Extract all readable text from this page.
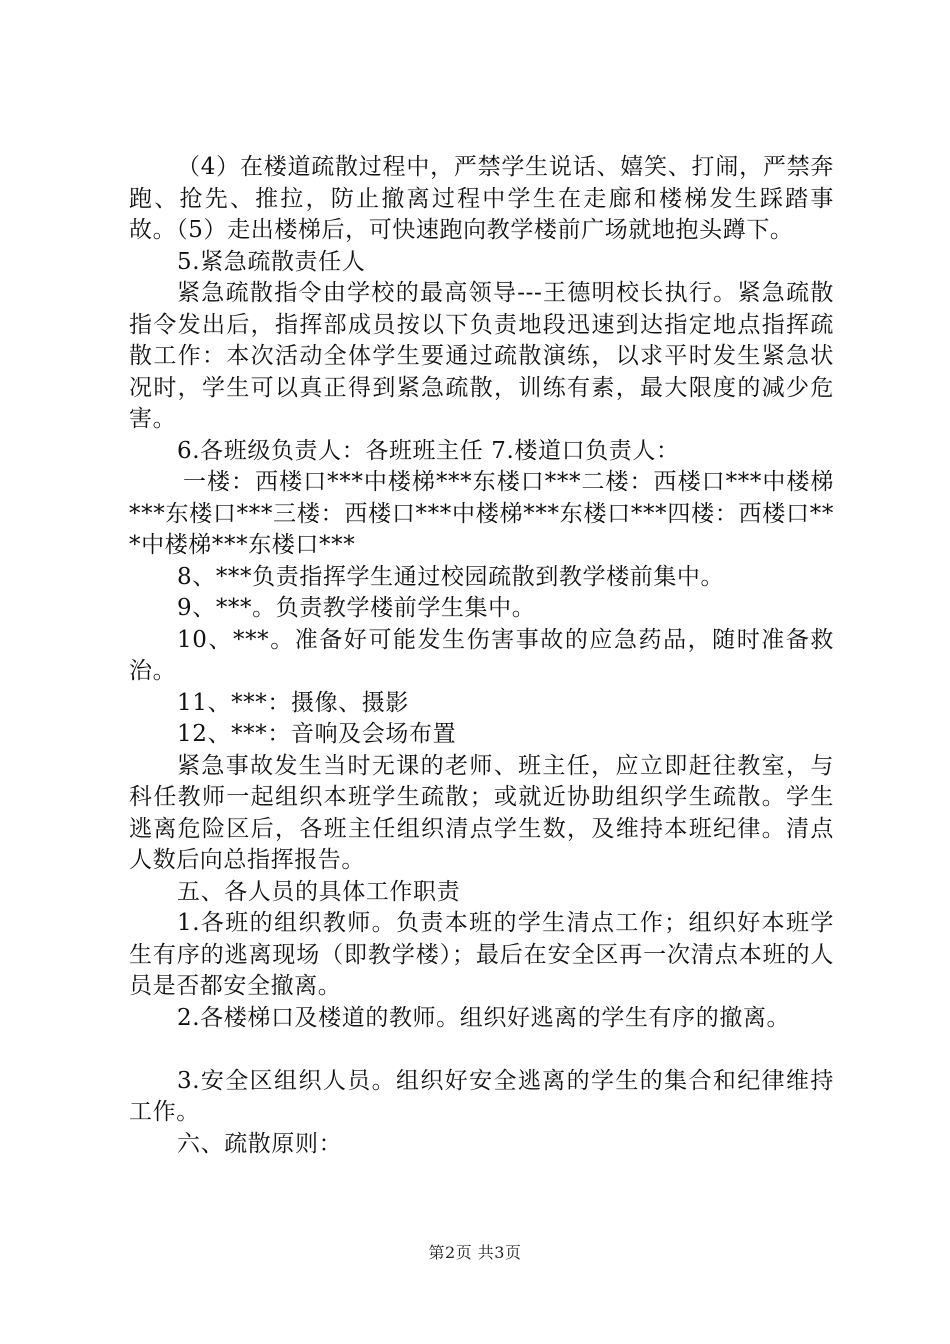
（4）在楼道疏散过程中，严禁学生说话、嬉笑、打闹，严禁奔跑、抢先、推拉，防止撤离过程中学生在走廊和楼梯发生踩踏事故。（5）走出楼梯后，可快速跑向教学楼前广场就地抱头蹲下。

5.紧急疏散责任人

紧急疏散指令由学校的最高领导---王德明校长执行。紧急疏散指令发出后，指挥部成员按以下负责地段迅速到达指定地点指挥疏散工作：本次活动全体学生要通过疏散演练，以求平时发生紧急状况时，学生可以真正得到紧急疏散，训练有素，最大限度的减少危害。

6.各班级负责人：各班班主任 7.楼道口负责人：

一楼：西楼口***中楼梯***东楼口***二楼：西楼口***中楼梯***东楼口***三楼：西楼口***中楼梯***东楼口***四楼：西楼口***中楼梯***东楼口***

8、***负责指挥学生通过校园疏散到教学楼前集中。

9、***。负责教学楼前学生集中。

10、***。准备好可能发生伤害事故的应急药品，随时准备救治。

11、***：摄像、摄影

12、***：音响及会场布置

紧急事故发生当时无课的老师、班主任，应立即赶往教室，与科任教师一起组织本班学生疏散；或就近协助组织学生疏散。学生逃离危险区后，各班主任组织清点学生数，及维持本班纪律。清点人数后向总指挥报告。

五、各人员的具体工作职责

1.各班的组织教师。负责本班的学生清点工作；组织好本班学生有序的逃离现场（即教学楼）；最后在安全区再一次清点本班的人员是否都安全撤离。

2.各楼梯口及楼道的教师。组织好逃离的学生有序的撤离。

3.安全区组织人员。组织好安全逃离的学生的集合和纪律维持工作。

六、疏散原则：

第2页 共3页
